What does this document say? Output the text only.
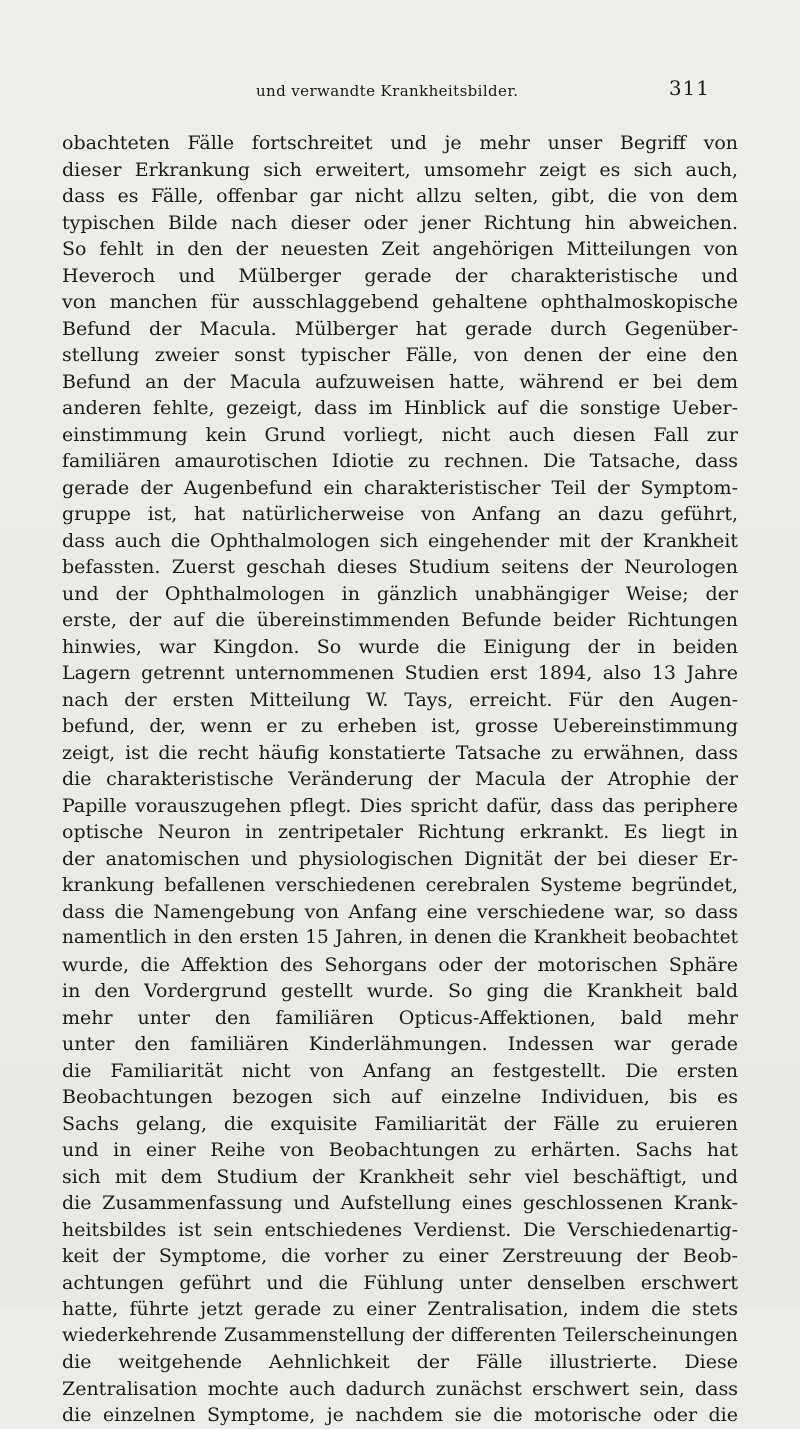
und verwandte Krankheitsbilder.	311
obachteten Fälle fortschreitet und je mehr unser Begriff von
dieser Erkrankung sich erweitert, umsomehr zeigt es sich auch,
dass es Fälle, offenbar gar nicht allzu selten, gibt, die von dem
typischen Bilde nach dieser oder jener Richtung hin abweichen.
So fehlt in den der neuesten Zeit angehörigen Mitteilungen von
Heveroch und Mülberger gerade der charakteristische und
von manchen für ausschlaggebend gehaltene ophthalmoskopische
Befund der Macula. Mülberger hat gerade durch Gegenüber-
stellung zweier sonst typischer Fälle, von denen der eine den
Befund an der Macula aufzuweisen hatte, während er bei dem
anderen fehlte, gezeigt, dass im Hinblick auf die sonstige Ueber-
einstimmung kein Grund vorliegt, nicht auch diesen Fall zur
familiären amaurotischen Idiotie zu rechnen. Die Tatsache, dass
gerade der Augenbefund ein charakteristischer Teil der Symptom-
gruppe ist, hat natürlicherweise von Anfang an dazu geführt,
dass auch die Ophthalmologen sich eingehender mit der Krankheit
befassten. Zuerst geschah dieses Studium seitens der Neurologen
und der Ophthalmologen in gänzlich unabhängiger Weise; der
erste, der auf die übereinstimmenden Befunde beider Richtungen
hinwies, war Kingdon. So wurde die Einigung der in beiden
Lagern getrennt unternommenen Studien erst 1894, also 13 Jahre
nach der ersten Mitteilung W. Tays, erreicht. Für den Augen-
befund, der, wenn er zu erheben ist, grosse Uebereinstimmung
zeigt, ist die recht häufig konstatierte Tatsache zu erwähnen, dass
die charakteristische Veränderung der Macula der Atrophie der
Papille vorauszugehen pflegt. Dies spricht dafür, dass das periphere
optische Neuron in zentripetaler Richtung erkrankt. Es liegt in
der anatomischen und physiologischen Dignität der bei dieser Er-
krankung befallenen verschiedenen cerebralen Systeme begründet,
dass die Namengebung von Anfang eine verschiedene war, so dass
namentlich in den ersten 15 Jahren, in denen die Krankheit beobachtet
wurde, die Affektion des Sehorgans oder der motorischen Sphäre
in den Vordergrund gestellt wurde. So ging die Krankheit bald
mehr unter den familiären Opticus-Affektionen, bald mehr
unter den familiären Kinderlähmungen. Indessen war gerade
die Familiarität nicht von Anfang an festgestellt. Die ersten
Beobachtungen bezogen sich auf einzelne Individuen, bis es
Sachs gelang, die exquisite Familiarität der Fälle zu eruieren
und in einer Reihe von Beobachtungen zu erhärten. Sachs hat
sich mit dem Studium der Krankheit sehr viel beschäftigt, und
die Zusammenfassung und Aufstellung eines geschlossenen Krank-
heitsbildes ist sein entschiedenes Verdienst. Die Verschiedenartig-
keit der Symptome, die vorher zu einer Zerstreuung der Beob-
achtungen geführt und die Fühlung unter denselben erschwert
hatte, führte jetzt gerade zu einer Zentralisation, indem die stets
wiederkehrende Zusammenstellung der differenten Teilerscheinungen
die weitgehende Aehnlichkeit der Fälle illustrierte. Diese
Zentralisation mochte auch dadurch zunächst erschwert sein, dass
die einzelnen Symptome, je nachdem sie die motorische oder die
